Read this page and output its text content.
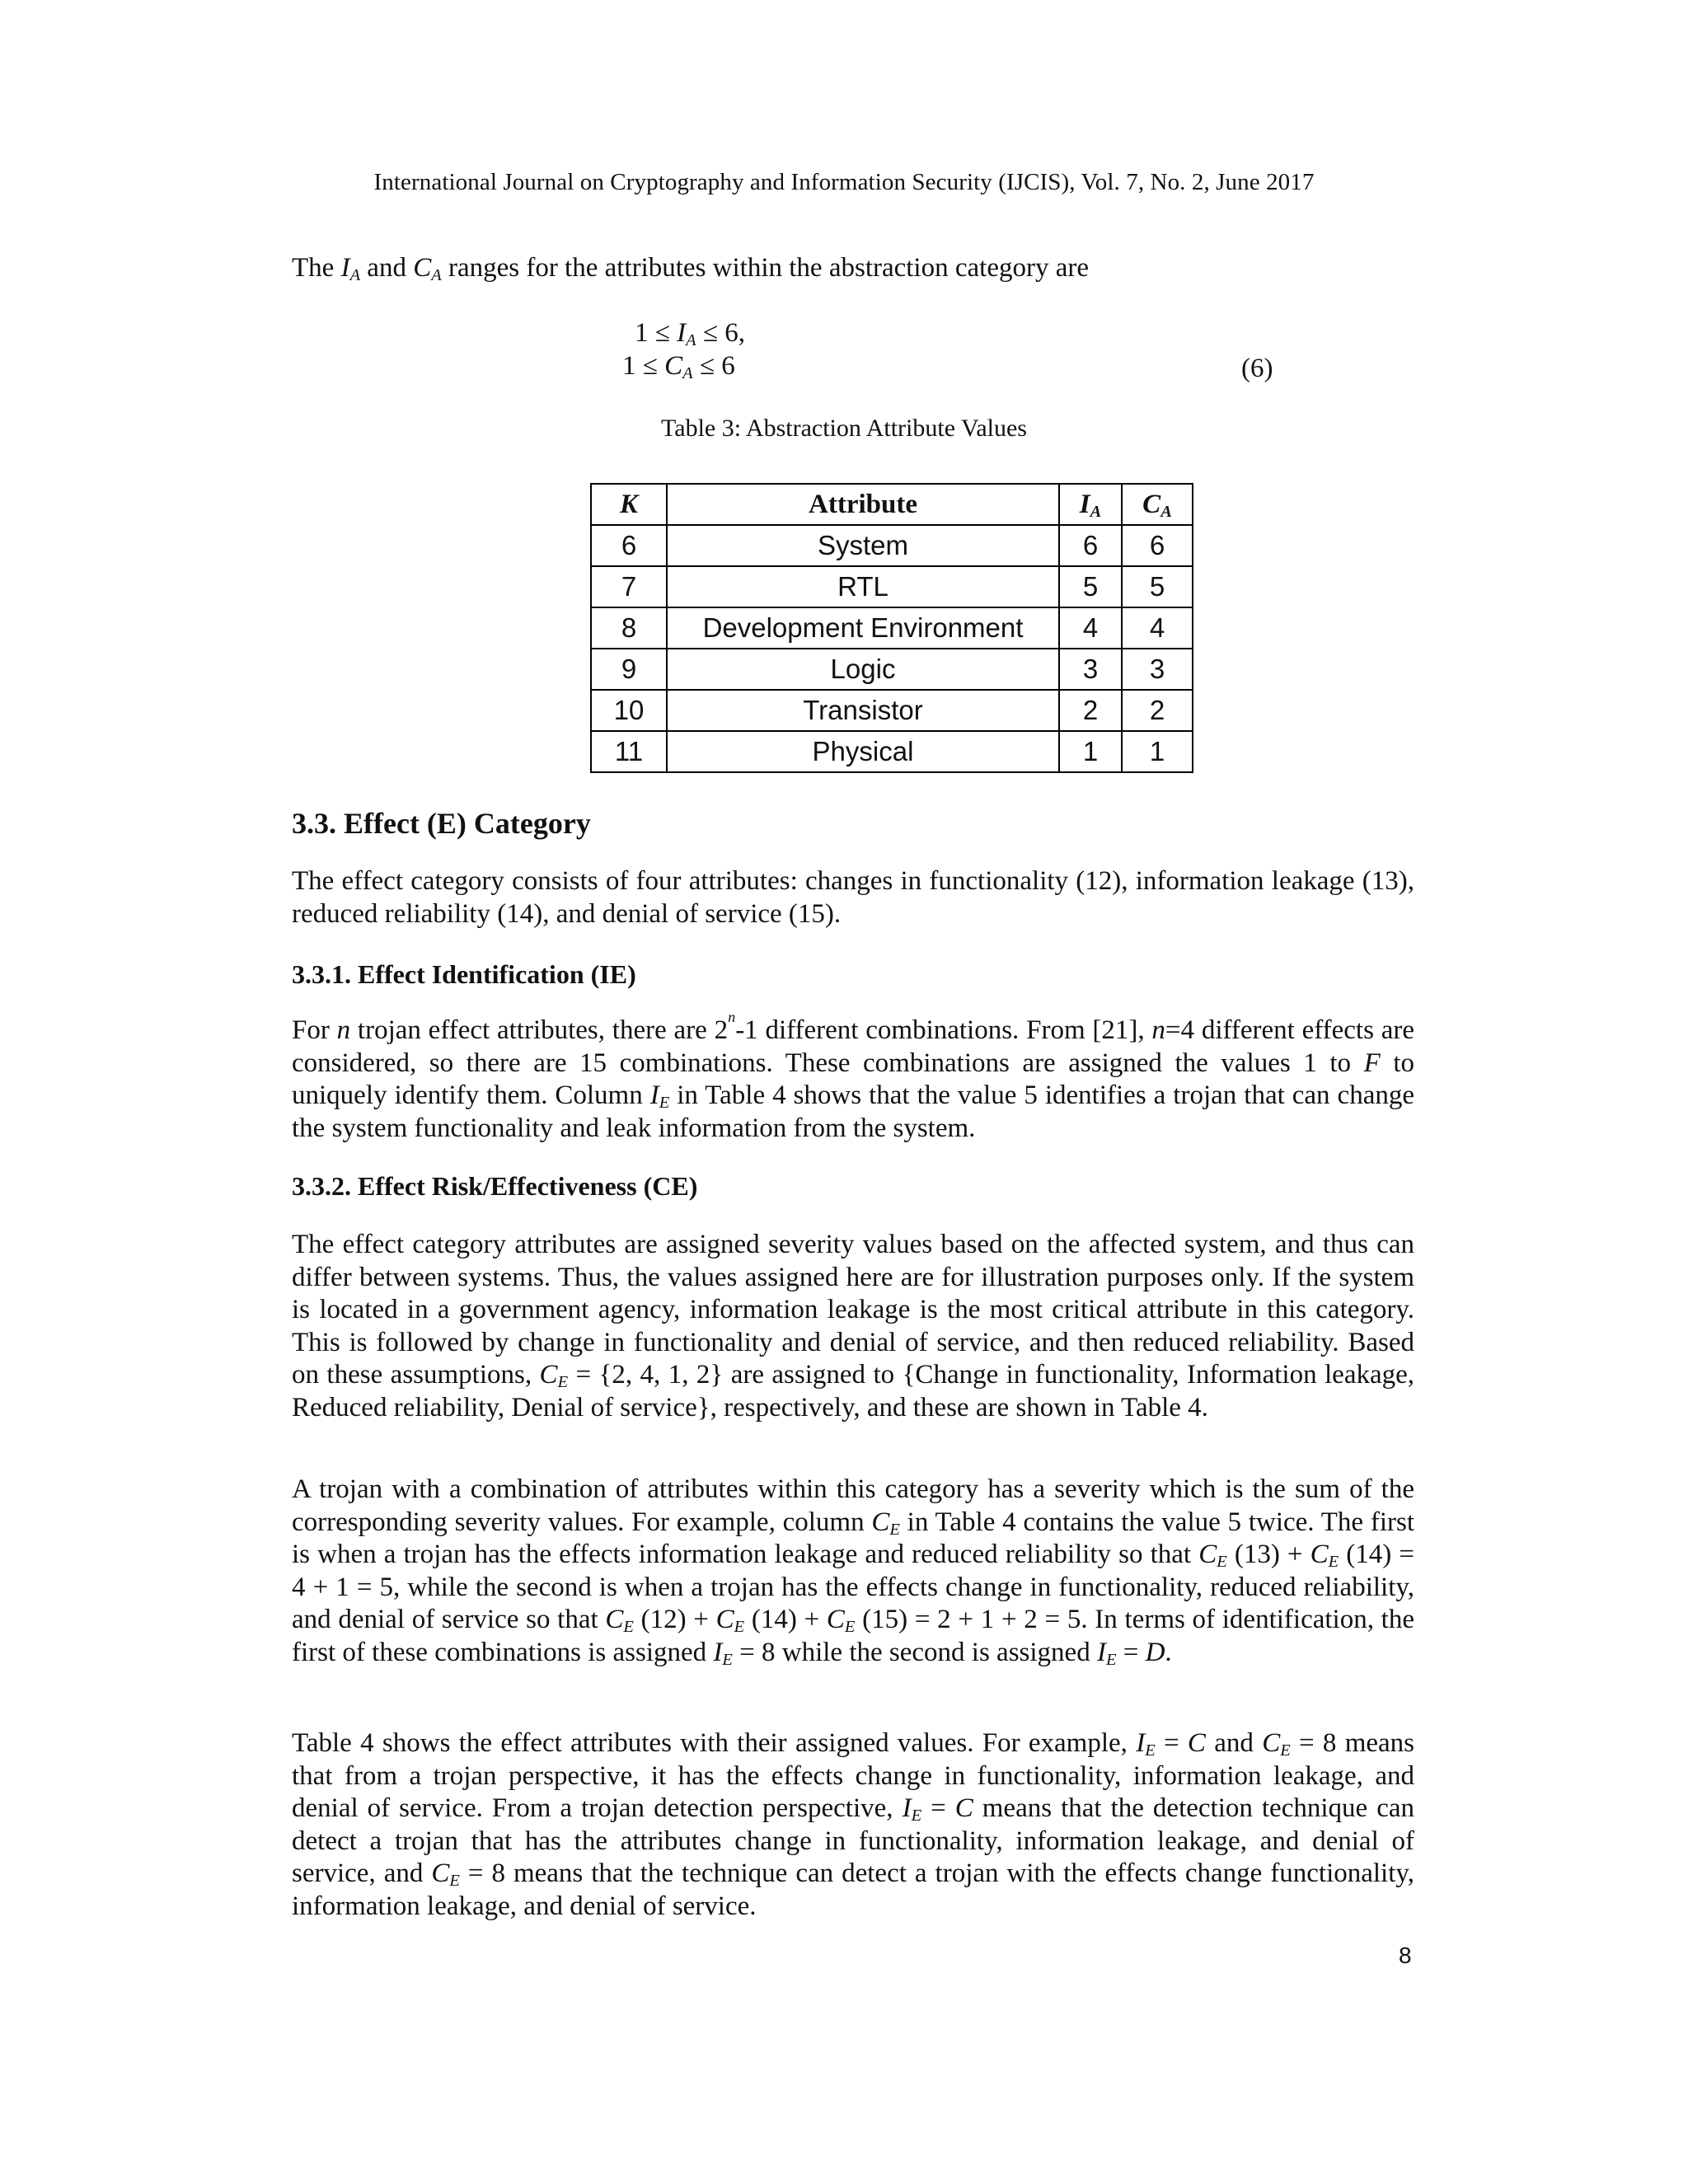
International Journal on Cryptography and Information Security (IJCIS), Vol. 7, No. 2, June 2017

The $I_A$ and $C_A$ ranges for the attributes within the abstraction category are

$1 \le I_A \le 6$,
$1 \le C_A \le 6$	(6)
Table 3: Abstraction Attribute Values
K	Attribute	$I_A$	$C_A$
6	System	6	6
7	RTL	5	5
8	Development Environment	4	4
9	Logic	3	3
10	Transistor	2	2
11	Physical	1	1
3.3. Effect (E) Category

The effect category consists of four attributes: changes in functionality (12), information leakage (13), reduced reliability (14), and denial of service (15).

3.3.1. Effect Identification (IE)

For n trojan effect attributes, there are 2$^n$-1 different combinations. From [21], n=4 different effects are considered, so there are 15 combinations. These combinations are assigned the values 1 to F to uniquely identify them. Column $I_E$ in Table 4 shows that the value 5 identifies a trojan that can change the system functionality and leak information from the system.

3.3.2. Effect Risk/Effectiveness (CE)

The effect category attributes are assigned severity values based on the affected system, and thus can differ between systems. Thus, the values assigned here are for illustration purposes only. If the system is located in a government agency, information leakage is the most critical attribute in this category. This is followed by change in functionality and denial of service, and then reduced reliability. Based on these assumptions, $C_E = \{2$, 4, 1, 2} are assigned to {Change in functionality, Information leakage, Reduced reliability, Denial of service}, respectively, and these are shown in Table 4.

A trojan with a combination of attributes within this category has a severity which is the sum of the corresponding severity values. For example, column $C_E$ in Table 4 contains the value 5 twice. The first is when a trojan has the effects information leakage and reduced reliability so that $C_E$ $(13) + C_E$ (14) = 4 + 1 = 5, while the second is when a trojan has the effects change in functionality, reduced reliability, and denial of service so that $C_E$ $(12) + C_E$ $(14) + C_E$ (15) = 2 + 1 + 2 = 5. In terms of identification, the first of these combinations is assigned $I_E = 8$ while the second is assigned $I_E = D$.

Table 4 shows the effect attributes with their assigned values. For example, $I_E = C$ and $C_E = 8$ means that from a trojan perspective, it has the effects change in functionality, information leakage, and denial of service. From a trojan detection perspective, $I_E = C$ means that the detection technique can detect a trojan that has the attributes change in functionality, information leakage, and denial of service, and $C_E = 8$ means that the technique can detect a trojan with the effects change functionality, information leakage, and denial of service.

8
